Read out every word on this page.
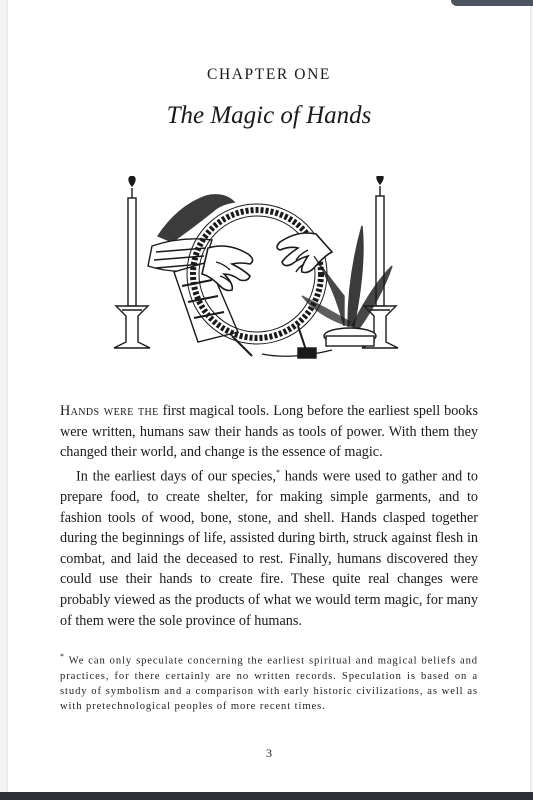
CHAPTER ONE
The Magic of Hands

Hands were the first magical tools. Long before the earliest spell books were written, humans saw their hands as tools of power. With them they changed their world, and change is the essence of magic.

In the earliest days of our species,* hands were used to gather and to prepare food, to create shelter, for making simple garments, and to fashion tools of wood, bone, stone, and shell. Hands clasped together during the beginnings of life, assisted during birth, struck against flesh in combat, and laid the deceased to rest. Finally, humans discovered they could use their hands to create fire. These quite real changes were probably viewed as the products of what we would term magic, for many of them were the sole province of humans.

* We can only speculate concerning the earliest spiritual and magical beliefs and practices, for there certainly are no written records. Speculation is based on a study of symbolism and a comparison with early historic civilizations, as well as with pretechnological peoples of more recent times.
3
